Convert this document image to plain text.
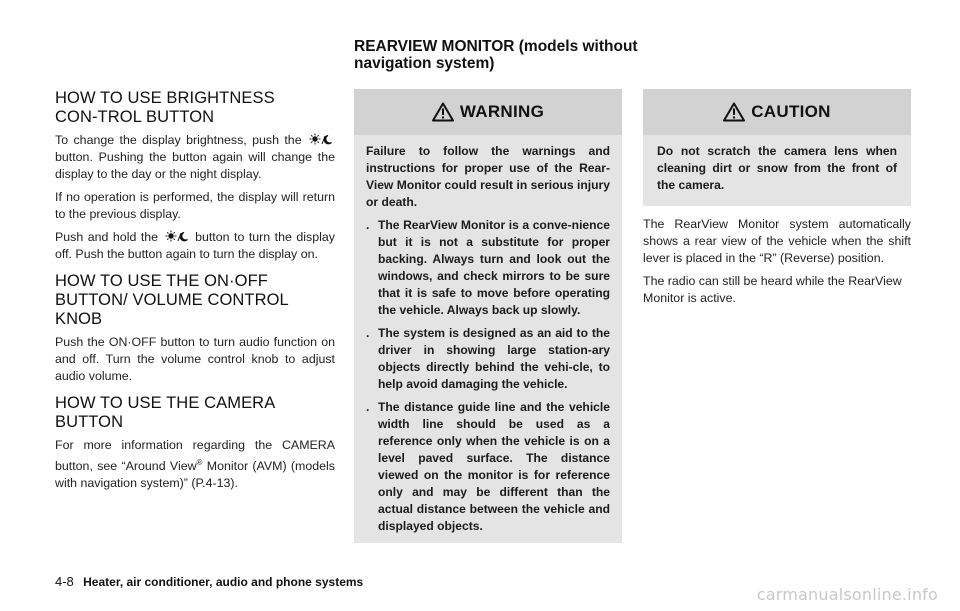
REARVIEW MONITOR (models without navigation system)
HOW TO USE BRIGHTNESS CON-TROL BUTTON

To change the display brightness, push the  button. Pushing the button again will change the display to the day or the night display.

If no operation is performed, the display will return to the previous display.

Push and hold the	button to turn the display off. Push the button again to turn the display on.

HOW TO USE THE ON·OFF BUTTON/ VOLUME CONTROL KNOB

Push the ON·OFF button to turn audio function on and off. Turn the volume control knob to adjust audio volume.

HOW TO USE THE CAMERA BUTTON

For more information regarding the CAMERA button, see “Around View® Monitor (AVM) (models with navigation system)” (P.4-13).

WARNING

Failure to follow the warnings and instructions for proper use of the Rear-View Monitor could result in serious injury or death.

. The RearView Monitor is a conve-nience but it is not a substitute for proper backing. Always turn and look out the windows, and check mirrors to be sure that it is safe to move before operating the vehicle. Always back up slowly.

. The system is designed as an aid to the driver in showing large station-ary objects directly behind the vehi-cle, to help avoid damaging the vehicle.

. The distance guide line and the vehicle width line should be used as a reference only when the vehicle is on a level paved surface. The distance viewed on the monitor is for reference only and may be different than the actual distance between the vehicle and displayed objects.

CAUTION

Do not scratch the camera lens when cleaning dirt or snow from the front of the camera.

The RearView Monitor system automatically shows a rear view of the vehicle when the shift lever is placed in the “R” (Reverse) position.

The radio can still be heard while the RearView Monitor is active.

4-8 Heater, air conditioner, audio and phone systems
carmanualsonline.info
